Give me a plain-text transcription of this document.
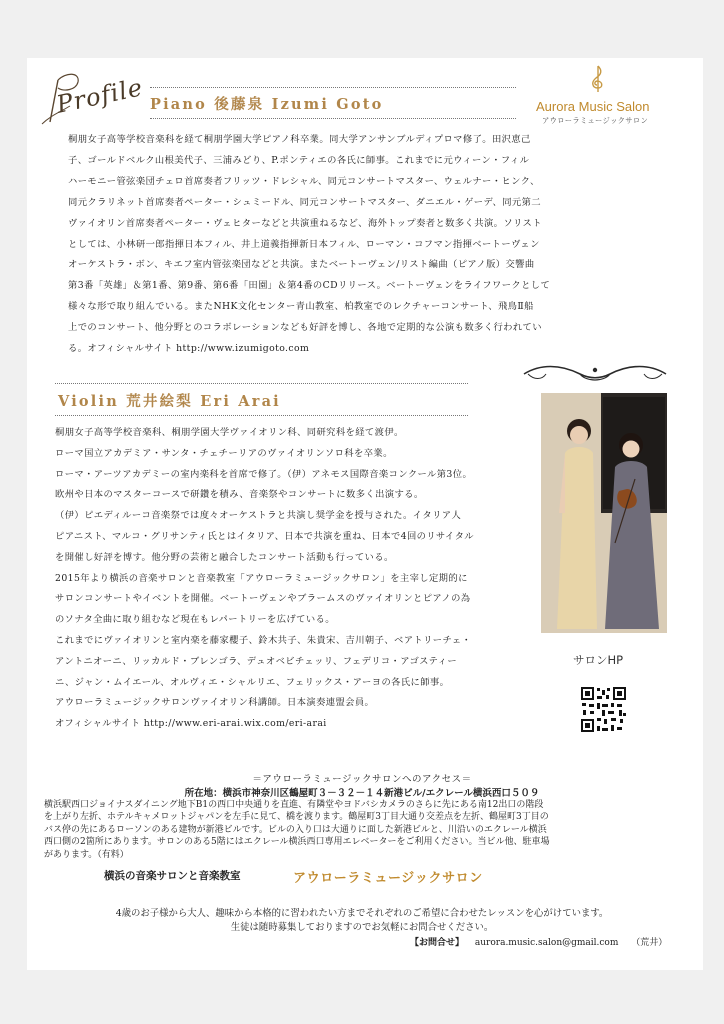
Profile Piano 後藤泉 Izumi Goto	Aurora Music Salon
アウローラミュージックサロン

桐朋女子高等学校音楽科を経て桐朋学園大学ピアノ科卒業。同大学アンサンブルディプロマ修了。田沢恵己

子、ゴールドベルク山根美代子、三浦みどり、P.ポンティエの各氏に師事。これまでに元ウィーン・フィル

ハーモニー管弦楽団チェロ首席奏者フリッツ・ドレシャル、同元コンサートマスター、ウェルナー・ヒンク、

同元クラリネット首席奏者ペーター・シュミードル、同元コンサートマスター、ダニエル・ゲーデ、同元第二

ヴァイオリン首席奏者ペーター・ヴェヒターなどと共演重ねるなど、海外トップ奏者と数多く共演。ソリスト

としては、小林研一郎指揮日本フィル、井上道義指揮新日本フィル、ローマン・コフマン指揮ベートーヴェン

オーケストラ・ボン、キエフ室内管弦楽団などと共演。またベートーヴェン/リスト編曲（ピアノ版）交響曲

第3番「英雄」＆第1番、第9番、第6番「田園」＆第4番のCDリリース。ベートーヴェンをライフワークとして

様々な形で取り組んでいる。またNHK文化センター青山教室、柏教室でのレクチャーコンサート、飛鳥Ⅱ船

上でのコンサート、他分野とのコラボレーションなども好評を博し、各地で定期的な公演も数多く行われてい

る。オフィシャルサイト http://www.izumigoto.com

Violin 荒井絵梨 Eri Arai

桐朋女子高等学校音楽科、桐朋学園大学ヴァイオリン科、同研究科を経て渡伊。

ローマ国立アカデミア・サンタ・チェチーリアのヴァイオリンソロ科を卒業。

ローマ・アーツアカデミーの室内楽科を首席で修了。（伊）アネモス国際音楽コンクール第3位。

欧州や日本のマスターコースで研鑽を積み、音楽祭やコンサートに数多く出演する。

（伊）ピエディルーコ音楽祭では度々オーケストラと共演し奨学金を授与された。イタリア人

ピアニスト、マルコ・グリサンティ氏とはイタリア、日本で共演を重ね、日本で4回のリサイタル

を開催し好評を博す。他分野の芸術と融合したコンサート活動も行っている。

2015年より横浜の音楽サロンと音楽教室「アウローラミュージックサロン」を主宰し定期的に

サロンコンサートやイベントを開催。ベートーヴェンやブラームスのヴァイオリンとピアノの為

のソナタ全曲に取り組むなど現在もレパートリーを広げている。

これまでにヴァイオリンと室内楽を藤家櫻子、鈴木共子、朱貴宋、吉川朝子、ベアトリーチェ・

アントニオーニ、リッカルド・ブレンゴラ、デュオベビチェッリ、フェデリコ・アゴスティー

ニ、ジャン・ムイエール、オルヴィエ・シャルリエ、フェリックス・アーヨの各氏に師事。

アウローラミュージックサロンヴァイオリン科講師。日本演奏連盟会員。

オフィシャルサイト http://www.eri-arai.wix.com/eri-arai

サロンHP
＝アウローラミュージックサロンへのアクセス＝
所在地：横浜市神奈川区鶴屋町３－３２－１４新港ビル/エクレール横浜西口５０９

横浜駅西口ジョイナスダイニング地下B1の西口中央通りを直進、有隣堂やヨドバシカメラのさらに先にある南12出口の階段

を上がり左折、ホテルキャメロットジャパンを左手に見て、橋を渡ります。鶴屋町3丁目大通り交差点を左折、鶴屋町3丁目の

バス停の先にあるローソンのある建物が新港ビルです。ビルの入り口は大通りに面した新港ビルと、川沿いのエクレール横浜

西口側の2箇所にあります。サロンのある5階にはエクレール横浜西口専用エレベーターをご利用ください。当ビル他、駐車場

があります。（有料）

横浜の音楽サロンと音楽教室	アウローラミュージックサロン
4歳のお子様から大人、趣味から本格的に習われたい方までそれぞれのご希望に合わせたレッスンを心がけています。
生徒は随時募集しておりますのでお気軽にお問合せください。
【お問合せ】 aurora.music.salon@gmail.com （荒井）
